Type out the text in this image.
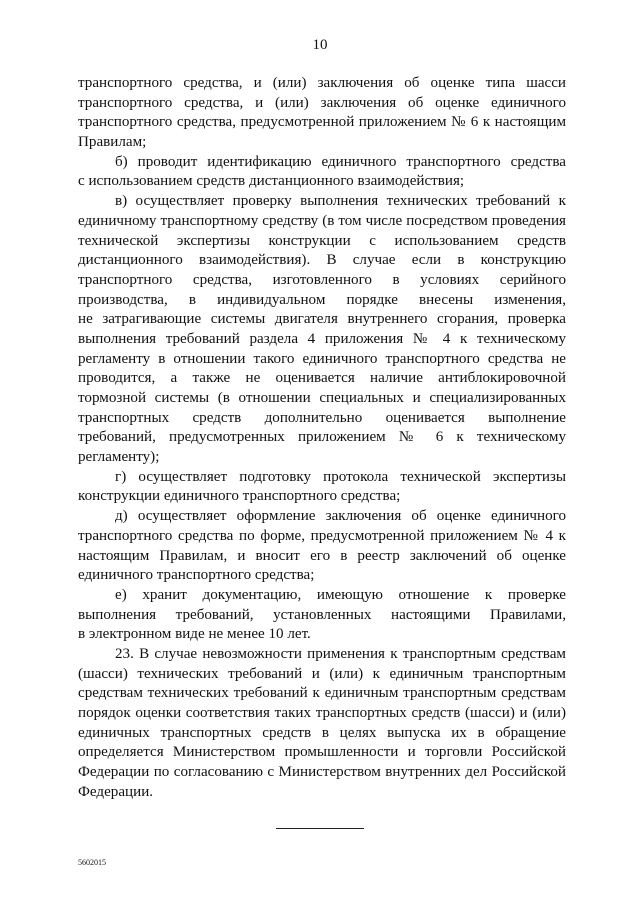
10
транспортного средства, и (или) заключения об оценке типа шасси
транспортного средства, и (или) заключения об оценке единичного
транспортного средства, предусмотренной приложением № 6 к настоящим
Правилам;
б) проводит идентификацию единичного транспортного средства
с использованием средств дистанционного взаимодействия;
в) осуществляет проверку выполнения технических требований к
единичному транспортному средству (в том числе посредством проведения
технической экспертизы конструкции с использованием средств
дистанционного взаимодействия). В случае если в конструкцию
транспортного средства, изготовленного в условиях серийного
производства, в индивидуальном порядке внесены изменения,
не затрагивающие системы двигателя внутреннего сгорания, проверка
выполнения требований раздела 4 приложения № 4 к техническому
регламенту в отношении такого единичного транспортного средства не
проводится, а также не оценивается наличие антиблокировочной
тормозной системы (в отношении специальных и специализированных
транспортных средств дополнительно оценивается выполнение
требований, предусмотренных приложением № 6 к техническому
регламенту);
г) осуществляет подготовку протокола технической экспертизы
конструкции единичного транспортного средства;
д) осуществляет оформление заключения об оценке единичного
транспортного средства по форме, предусмотренной приложением № 4 к
настоящим Правилам, и вносит его в реестр заключений об оценке
единичного транспортного средства;
е) хранит документацию, имеющую отношение к проверке
выполнения требований, установленных настоящими Правилами,
в электронном виде не менее 10 лет.
23. В случае невозможности применения к транспортным средствам
(шасси) технических требований и (или) к единичным транспортным
средствам технических требований к единичным транспортным средствам
порядок оценки соответствия таких транспортных средств (шасси) и (или)
единичных транспортных средств в целях выпуска их в обращение
определяется Министерством промышленности и торговли Российской
Федерации по согласованию с Министерством внутренних дел Российской
Федерации.
5602015
